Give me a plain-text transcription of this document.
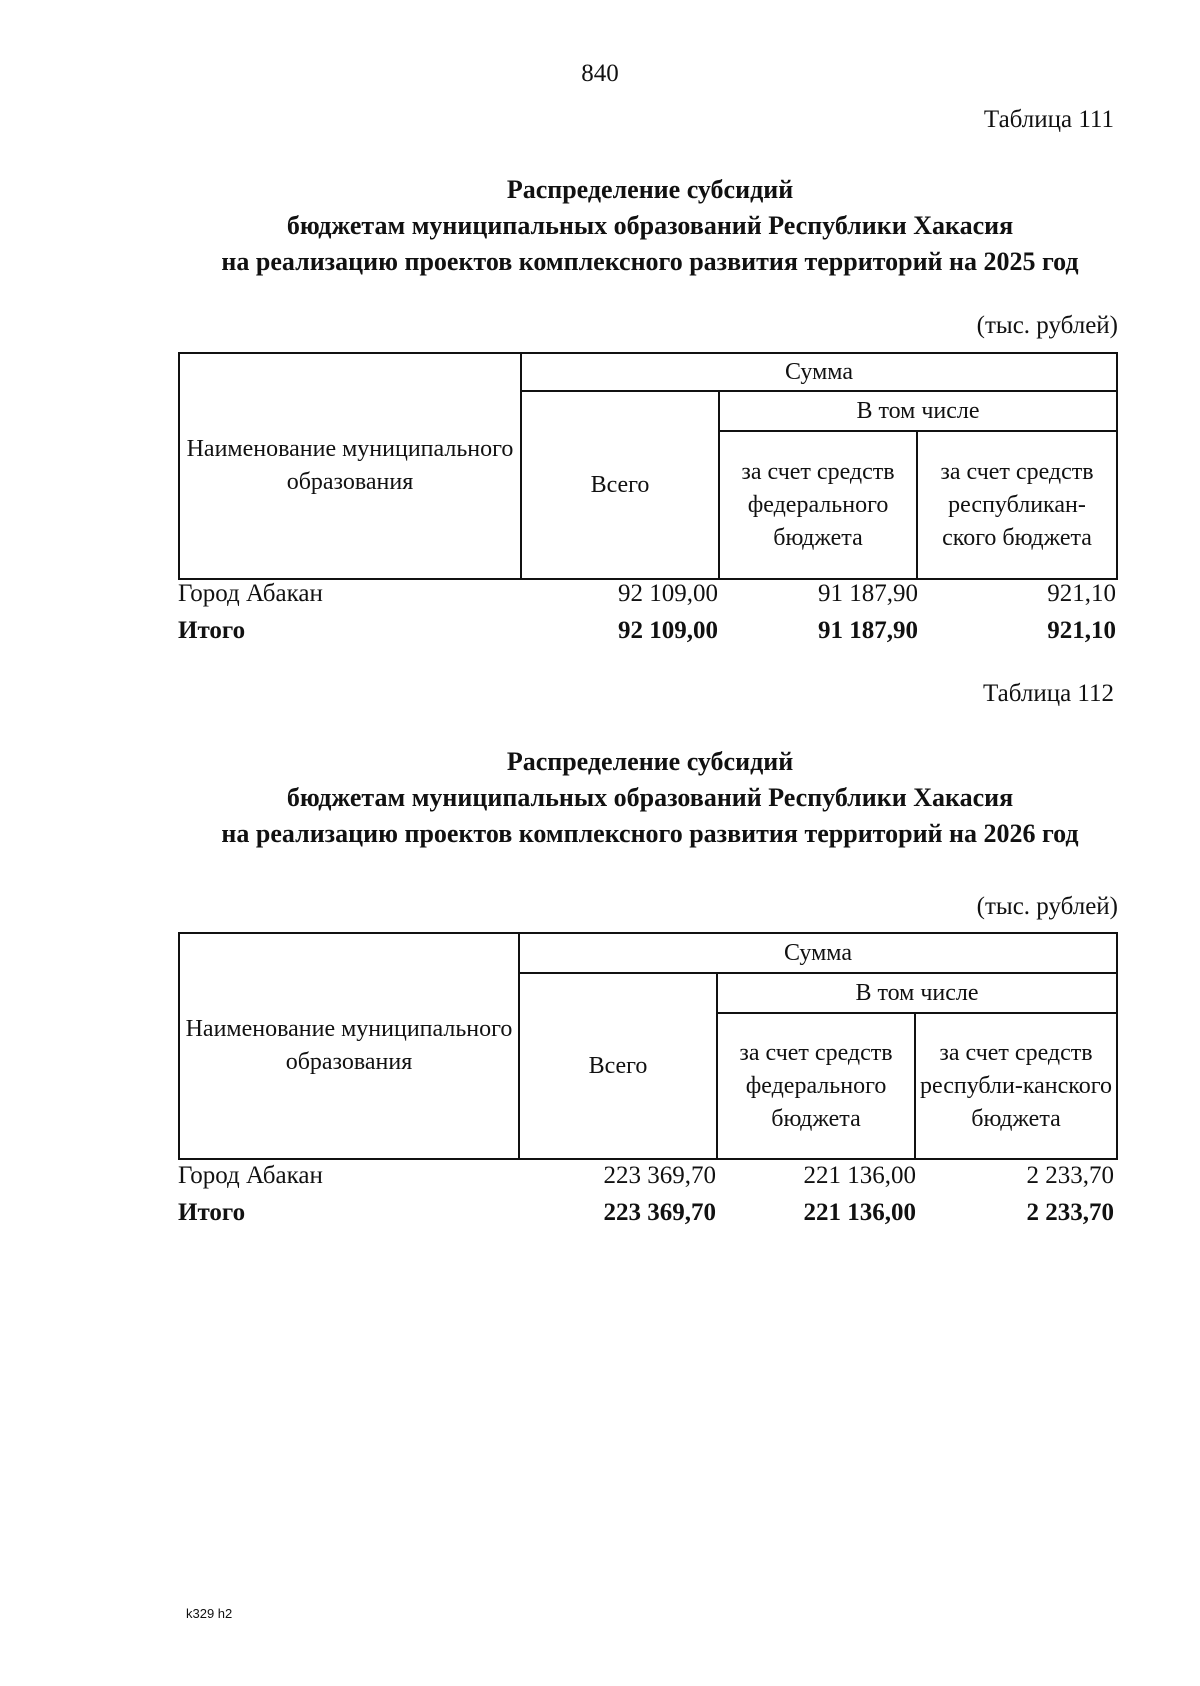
840
Таблица 111
Распределение субсидий
бюджетам муниципальных образований Республики Хакасия
на реализацию проектов комплексного развития территорий на 2025 год
(тыс. рублей)
Наименование муниципального образования	Сумма		
	Всего	В том числе	
		за счет средств федерального бюджета	за счет средств республикан-ского бюджета
Город Абакан	92 109,00	91 187,90	921,10
Итого	92 109,00	91 187,90	921,10
Таблица 112
Распределение субсидий
бюджетам муниципальных образований Республики Хакасия
на реализацию проектов комплексного развития территорий на 2026 год
(тыс. рублей)
Наименование муниципального образования	Сумма		
	Всего	В том числе	
		за счет средств федерального бюджета	за счет средств республи-канского бюджета
Город Абакан	223 369,70	221 136,00	2 233,70
Итого	223 369,70	221 136,00	2 233,70
k329 h2
